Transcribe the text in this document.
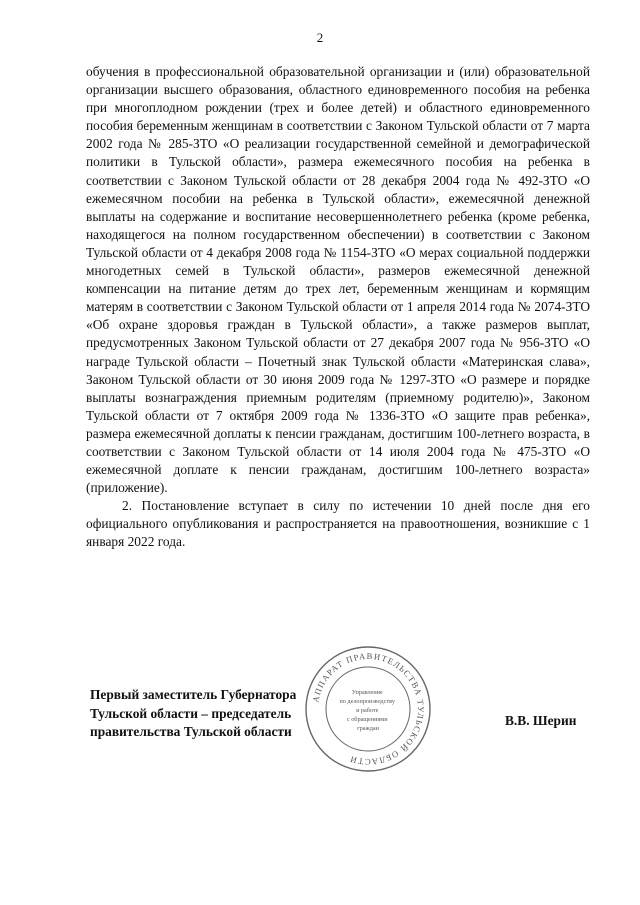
2

обучения в профессиональной образовательной организации и (или) образовательной организации высшего образования, областного единовременного пособия на ребенка при многоплодном рождении (трех и более детей) и областного единовременного пособия беременным женщинам в соответствии с Законом Тульской области от 7 марта 2002 года № 285-ЗТО «О реализации государственной семейной и демографической политики в Тульской области», размера ежемесячного пособия на ребенка в соответствии с Законом Тульской области от 28 декабря 2004 года № 492-ЗТО «О ежемесячном пособии на ребенка в Тульской области», ежемесячной денежной выплаты на содержание и воспитание несовершеннолетнего ребенка (кроме ребенка, находящегося на полном государственном обеспечении) в соответствии с Законом Тульской области от 4 декабря 2008 года № 1154-ЗТО «О мерах социальной поддержки многодетных семей в Тульской области», размеров ежемесячной денежной компенсации на питание детям до трех лет, беременным женщинам и кормящим матерям в соответствии с Законом Тульской области от 1 апреля 2014 года № 2074-ЗТО «Об охране здоровья граждан в Тульской области», а также размеров выплат, предусмотренных Законом Тульской области от 27 декабря 2007 года № 956-ЗТО «О награде Тульской области – Почетный знак Тульской области «Материнская слава», Законом Тульской области от 30 июня 2009 года № 1297-ЗТО «О размере и порядке выплаты вознаграждения приемным родителям (приемному родителю)», Законом Тульской области от 7 октября 2009 года № 1336-ЗТО «О защите прав ребенка», размера ежемесячной доплаты к пенсии гражданам, достигшим 100-летнего возраста, в соответствии с Законом Тульской области от 14 июля 2004 года № 475-ЗТО «О ежемесячной доплате к пенсии гражданам, достигшим 100-летнего возраста» (приложение).

2. Постановление вступает в силу по истечении 10 дней после дня его официального опубликования и распространяется на правоотношения, возникшие с 1 января 2022 года.

Первый заместитель Губернатора
Тульской области – председатель
правительства Тульской области
В.В. Шерин
АППАРАТ ПРАВИТЕЛЬСТВА ТУЛЬСКОЙ ОБЛАСТИ
Управление по делопроизводству и работе с обращениями граждан
